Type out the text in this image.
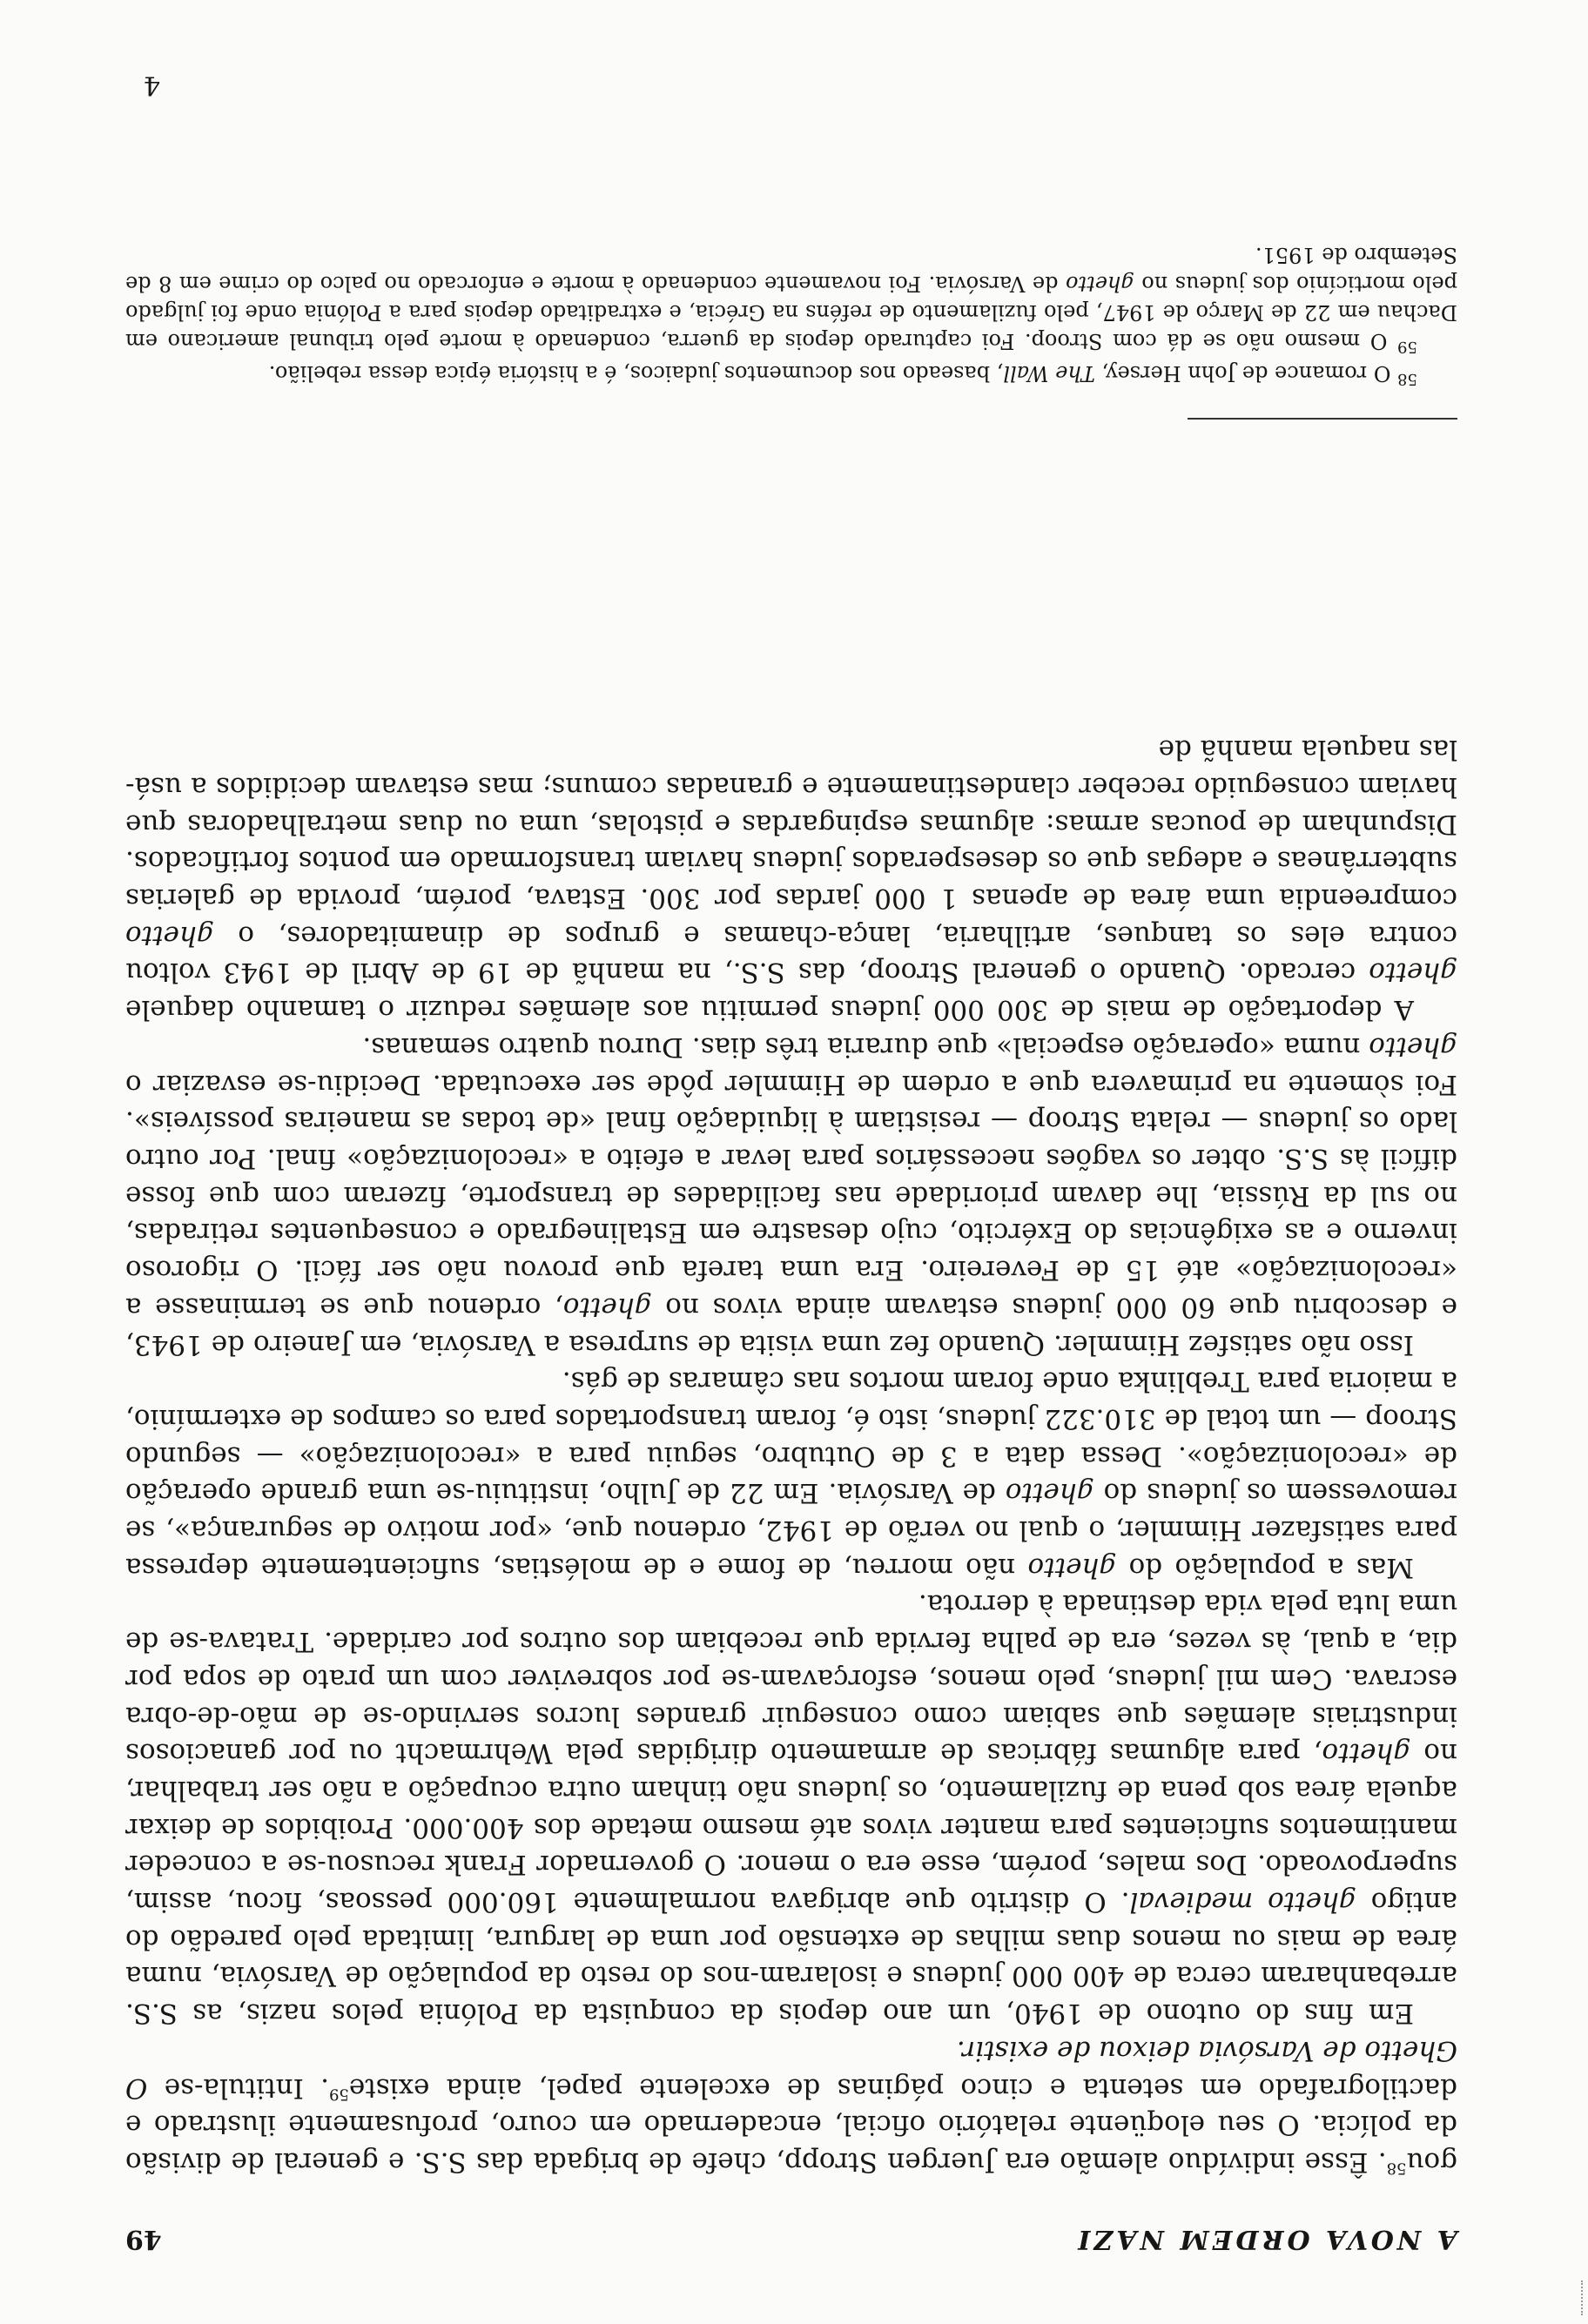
A NOVA ORDEM NAZI
49

gou$^{58}$. Êsse indivíduo alemão era Juergen Stropp, chefe de brigada das S.S. e general de divisão da polícia. O seu eloqüente relatório oficial, encadernado em couro, profusamente ilustrado e dactilografado em setenta e cinco páginas de excelente papel, ainda existe$^{59}$. Intitula-se O Ghetto de Varsóvia deixou de existir.

Em fins do outono de 1940, um ano depois da conquista da Polónia pelos nazis, as S.S. arrebanharam cerca de 400 000 judeus e isolaram-nos do resto da população de Varsóvia, numa área de mais ou menos duas milhas de extensão por uma de largura, limitada pelo paredão do antigo ghetto medieval. O distrito que abrigava normalmente 160.000 pessoas, ficou, assim, superpovoado. Dos males, porém, esse era o menor. O governador Frank recusou-se a conceder mantimentos suficientes para manter vivos até mesmo metade dos 400.000. Proibidos de deixar aquela área sob pena de fuzilamento, os judeus não tinham outra ocupação a não ser trabalhar, no ghetto, para algumas fábricas de armamento dirigidas pela Wehrmacht ou por ganaciosos industriais alemães que sabiam como conseguir grandes lucros servindo-se de mão-de-obra escrava. Cem mil judeus, pelo menos, esforçavam-se por sobreviver com um prato de sopa por dia, a qual, às vezes, era de palha fervida que recebiam dos outros por caridade. Tratava-se de uma luta pela vida destinada à derrota.

Mas a população do ghetto não morreu, de fome e de moléstias, suficientemente depressa para satisfazer Himmler, o qual no verão de 1942, ordenou que, «por motivo de segurança», se removessem os judeus do ghetto de Varsóvia. Em 22 de Julho, instituiu-se uma grande operação de «recolonização». Dessa data a 3 de Outubro, seguiu para a «recolonização» — segundo Stroop — um total de 310.322 judeus, isto é, foram transportados para os campos de extermínio, a maioria para Treblinka onde foram mortos nas câmaras de gás.

Isso não satisfez Himmler. Quando fez uma visita de surpresa a Varsóvia, em Janeiro de 1943, e descobriu que 60 000 judeus estavam ainda vivos no ghetto, ordenou que se terminasse a «recolonização» até 15 de Fevereiro. Era uma tarefa que provou não ser fácil. O rigoroso inverno e as exigências do Exército, cujo desastre em Estalinegrado e consequentes retiradas, no sul da Rússia, lhe davam prioridade nas facilidades de transporte, fizeram com que fosse difícil às S.S. obter os vagões necessários para levar a efeito a «recolonização» final. Por outro lado os judeus — relata Stroop — resistiam à liquidação final «de todas as maneiras possíveis». Foi sòmente na primavera que a ordem de Himmler pôde ser executada. Decidiu-se esvaziar o ghetto numa «operação especial» que duraria três dias. Durou quatro semanas.

A deportação de mais de 300 000 judeus permitiu aos alemães reduzir o tamanho daquele ghetto cercado. Quando o general Stroop, das S.S., na manhã de 19 de Abril de 1943 voltou contra eles os tanques, artilharia, lança-chamas e grupos de dinamitadores, o ghetto compreendia uma área de apenas 1 000 jardas por 300. Estava, porém, provida de galerias subterrâneas e adegas que os desesperados judeus haviam transformado em pontos fortificados. Dispunham de poucas armas: algumas espingardas e pistolas, uma ou duas metralhadoras que haviam conseguido receber clandestinamente e granadas comuns; mas estavam decididos a usá-las naquela manhã de

$^{58}$ O romance de John Hersey, The Wall, baseado nos documentos judaicos, é a história épica dessa rebelião.

$^{59}$ O mesmo não se dá com Stroop. Foi capturado depois da guerra, condenado à morte pelo tribunal americano em Dachau em 22 de Março de 1947, pelo fuzilamento de reféns na Grécia, e extraditado depois para a Polónia onde foi julgado pelo morticínio dos judeus no ghetto de Varsóvia. Foi novamente condenado à morte e enforcado no palco do crime em 8 de Setembro de 1951.

4
